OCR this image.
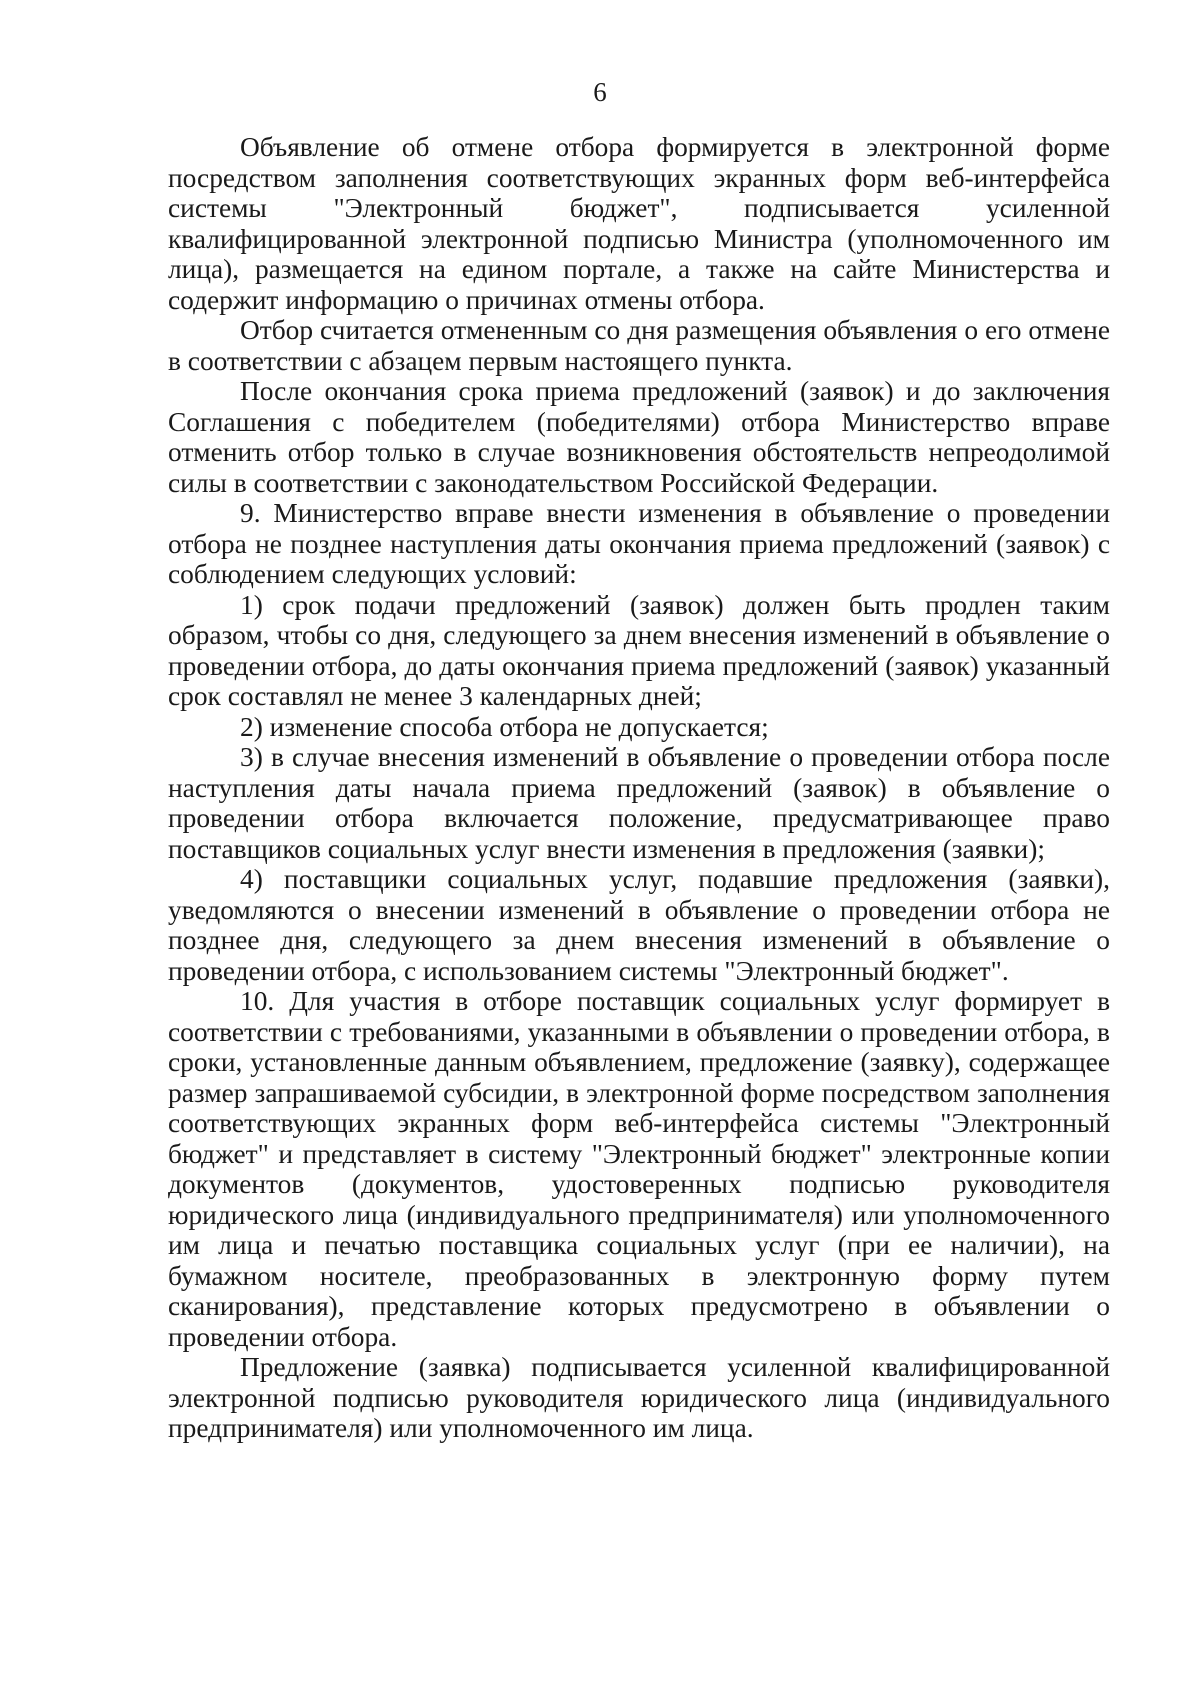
6

Объявление об отмене отбора формируется в электронной форме посредством заполнения соответствующих экранных форм веб-интерфейса системы "Электронный бюджет", подписывается усиленной квалифицированной электронной подписью Министра (уполномоченного им лица), размещается на едином портале, а также на сайте Министерства и содержит информацию о причинах отмены отбора.

Отбор считается отмененным со дня размещения объявления о его отмене в соответствии с абзацем первым настоящего пункта.

После окончания срока приема предложений (заявок) и до заключения Соглашения с победителем (победителями) отбора Министерство вправе отменить отбор только в случае возникновения обстоятельств непреодолимой силы в соответствии с законодательством Российской Федерации.

9. Министерство вправе внести изменения в объявление о проведении отбора не позднее наступления даты окончания приема предложений (заявок) с соблюдением следующих условий:

1) срок подачи предложений (заявок) должен быть продлен таким образом, чтобы со дня, следующего за днем внесения изменений в объявление о проведении отбора, до даты окончания приема предложений (заявок) указанный срок составлял не менее 3 календарных дней;

2) изменение способа отбора не допускается;

3) в случае внесения изменений в объявление о проведении отбора после наступления даты начала приема предложений (заявок) в объявление о проведении отбора включается положение, предусматривающее право поставщиков социальных услуг внести изменения в предложения (заявки);

4) поставщики социальных услуг, подавшие предложения (заявки), уведомляются о внесении изменений в объявление о проведении отбора не позднее дня, следующего за днем внесения изменений в объявление о проведении отбора, с использованием системы "Электронный бюджет".

10. Для участия в отборе поставщик социальных услуг формирует в соответствии с требованиями, указанными в объявлении о проведении отбора, в сроки, установленные данным объявлением, предложение (заявку), содержащее размер запрашиваемой субсидии, в электронной форме посредством заполнения соответствующих экранных форм веб-интерфейса системы "Электронный бюджет" и представляет в систему "Электронный бюджет" электронные копии документов (документов, удостоверенных подписью руководителя юридического лица (индивидуального предпринимателя) или уполномоченного им лица и печатью поставщика социальных услуг (при ее наличии), на бумажном носителе, преобразованных в электронную форму путем сканирования), представление которых предусмотрено в объявлении о проведении отбора.

Предложение (заявка) подписывается усиленной квалифицированной электронной подписью руководителя юридического лица (индивидуального предпринимателя) или уполномоченного им лица.
